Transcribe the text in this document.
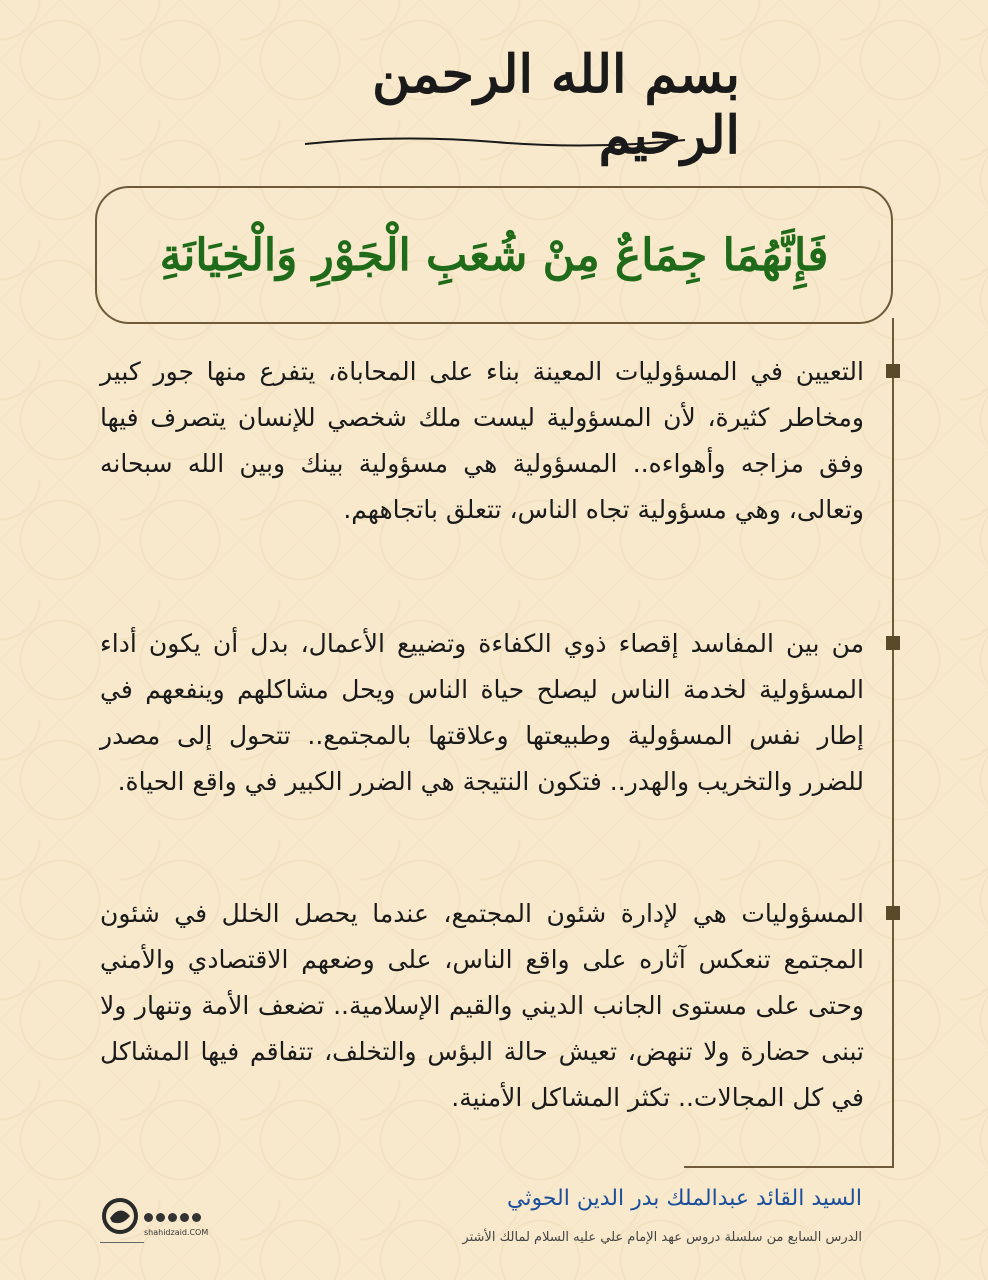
بسم الله الرحمن الرحيم
فَإِنَّهُمَا جِمَاعٌ مِنْ شُعَبِ الْجَوْرِ وَالْخِيَانَةِ
التعيين في المسؤوليات المعينة بناء على المحاباة، يتفرع منها جور كبير ومخاطر كثيرة، لأن المسؤولية ليست ملك شخصي للإنسان يتصرف فيها وفق مزاجه وأهواءه.. المسؤولية هي مسؤولية بينك وبين الله سبحانه وتعالى، وهي مسؤولية تجاه الناس، تتعلق باتجاههم.
من بين المفاسد إقصاء ذوي الكفاءة وتضييع الأعمال، بدل أن يكون أداء المسؤولية لخدمة الناس ليصلح حياة الناس ويحل مشاكلهم وينفعهم في إطار نفس المسؤولية وطبيعتها وعلاقتها بالمجتمع.. تتحول إلى مصدر للضرر والتخريب والهدر.. فتكون النتيجة هي الضرر الكبير في واقع الحياة.
المسؤوليات هي لإدارة شئون المجتمع، عندما يحصل الخلل في شئون المجتمع تنعكس آثاره على واقع الناس، على وضعهم الاقتصادي والأمني وحتى على مستوى الجانب الديني والقيم الإسلامية.. تضعف الأمة وتنهار ولا تبنى حضارة ولا تنهض، تعيش حالة البؤس والتخلف، تتفاقم فيها المشاكل في كل المجالات.. تكثر المشاكل الأمنية.
السيد القائد عبدالملك بدر الدين الحوثي
الدرس السابع من سلسلة دروس عهد الإمام علي عليه السلام لمالك الأشتر
shahidzaid.COM
